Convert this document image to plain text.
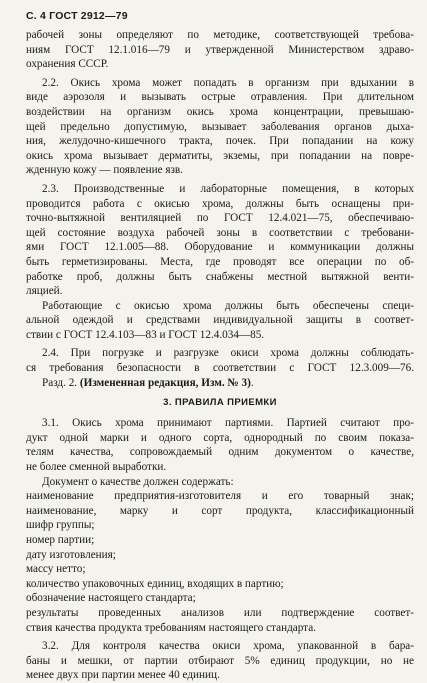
С. 4 ГОСТ 2912—79
рабочей зоны определяют по методике, соответствующей требова-
ниям ГОСТ 12.1.016—79 и утвержденной Министерством здраво-
охранения СССР.
2.2. Окись хрома может попадать в организм при вдыхании в
виде аэрозоля и вызывать острые отравления. При длительном
воздействии на организм окись хрома концентрации, превышаю-
щей предельно допустимую, вызывает заболевания органов дыха-
ния, желудочно-кишечного тракта, почек. При попадании на кожу
окись хрома вызывает дерматиты, экземы, при попадании на повре-
жденную кожу — появление язв.
2.3. Производственные и лабораторные помещения, в которых
проводится работа с окисью хрома, должны быть оснащены при-
точно-вытяжной вентиляцией по ГОСТ 12.4.021—75, обеспечиваю-
щей состояние воздуха рабочей зоны в соответствии с требовани-
ями ГОСТ 12.1.005—88. Оборудование и коммуникации должны
быть герметизированы. Места, где проводят все операции по об-
работке проб, должны быть снабжены местной вытяжной венти-
ляцией.
Работающие с окисью хрома должны быть обеспечены специ-
альной одеждой и средствами индивидуальной защиты в соответ-
ствии с ГОСТ 12.4.103—83 и ГОСТ 12.4.034—85.
2.4. При погрузке и разгрузке окиси хрома должны соблюдать-
ся требования безопасности в соответствии с ГОСТ 12.3.009—76.
Разд. 2. (Измененная редакция, Изм. № 3).
3. ПРАВИЛА ПРИЕМКИ
3.1. Окись хрома принимают партиями. Партией считают про-
дукт одной марки и одного сорта, однородный по своим показа-
телям качества, сопровождаемый одним документом о качестве,
не более сменной выработки.
Документ о качестве должен содержать:
наименование предприятия-изготовителя и его товарный знак;
наименование, марку и сорт продукта, классификационный
шифр группы;
номер партии;
дату изготовления;
массу нетто;
количество упаковочных единиц, входящих в партию;
обозначение настоящего стандарта;
результаты проведенных анализов или подтверждение соответ-
ствия качества продукта требованиям настоящего стандарта.
3.2. Для контроля качества окиси хрома, упакованной в бара-
баны и мешки, от партии отбирают 5% единиц продукции, но не
менее двух при партии менее 40 единиц.
